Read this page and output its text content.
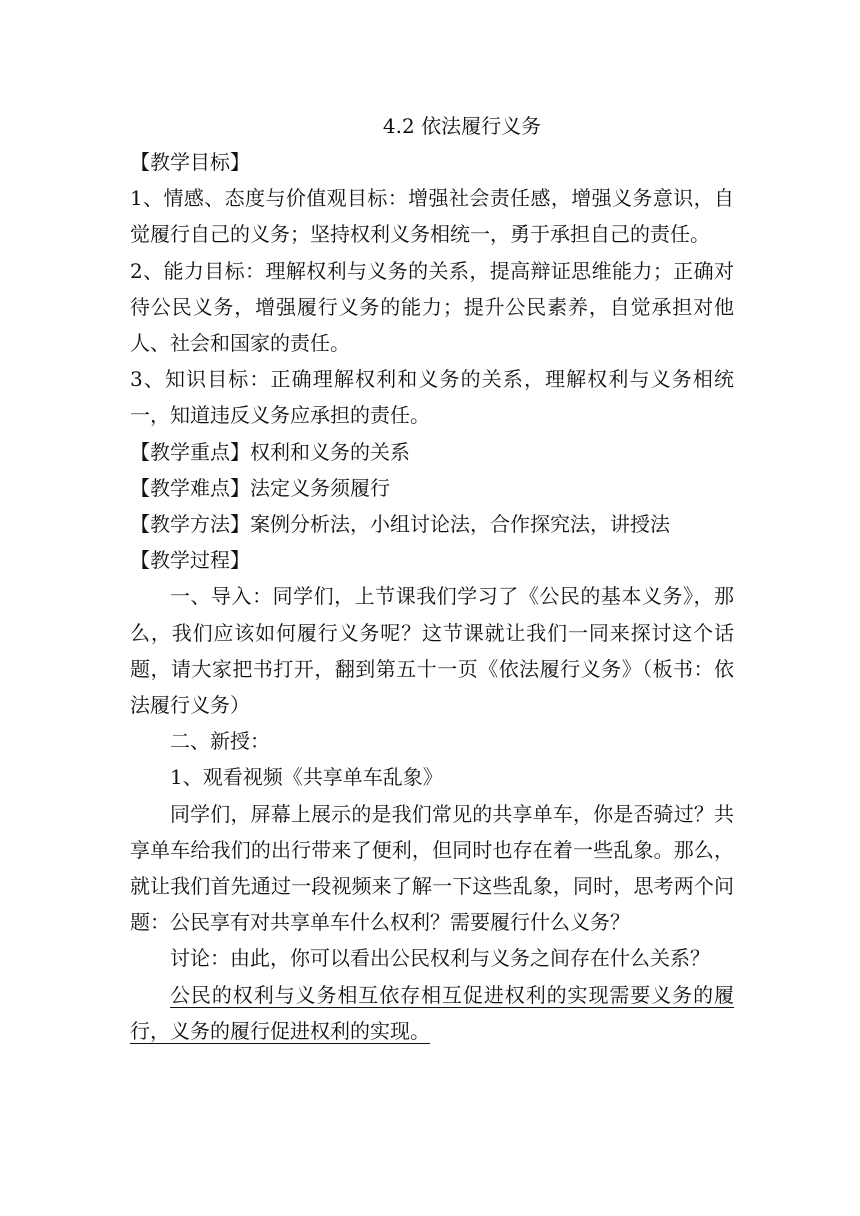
4.2 依法履行义务

【教学目标】

1、情感、态度与价值观目标：增强社会责任感，增强义务意识，自觉履行自己的义务；坚持权利义务相统一，勇于承担自己的责任。

2、能力目标：理解权利与义务的关系，提高辩证思维能力；正确对待公民义务，增强履行义务的能力；提升公民素养，自觉承担对他人、社会和国家的责任。

3、知识目标：正确理解权利和义务的关系，理解权利与义务相统一，知道违反义务应承担的责任。

【教学重点】权利和义务的关系

【教学难点】法定义务须履行

【教学方法】案例分析法，小组讨论法，合作探究法，讲授法

【教学过程】

一、导入：同学们，上节课我们学习了《公民的基本义务》，那么，我们应该如何履行义务呢？这节课就让我们一同来探讨这个话题，请大家把书打开，翻到第五十一页《依法履行义务》（板书：依法履行义务）

二、新授：

1、观看视频《共享单车乱象》

同学们，屏幕上展示的是我们常见的共享单车，你是否骑过？共享单车给我们的出行带来了便利，但同时也存在着一些乱象。那么，就让我们首先通过一段视频来了解一下这些乱象，同时，思考两个问题：公民享有对共享单车什么权利？需要履行什么义务？

讨论：由此，你可以看出公民权利与义务之间存在什么关系？

公民的权利与义务相互依存相互促进权利的实现需要义务的履行，义务的履行促进权利的实现。
